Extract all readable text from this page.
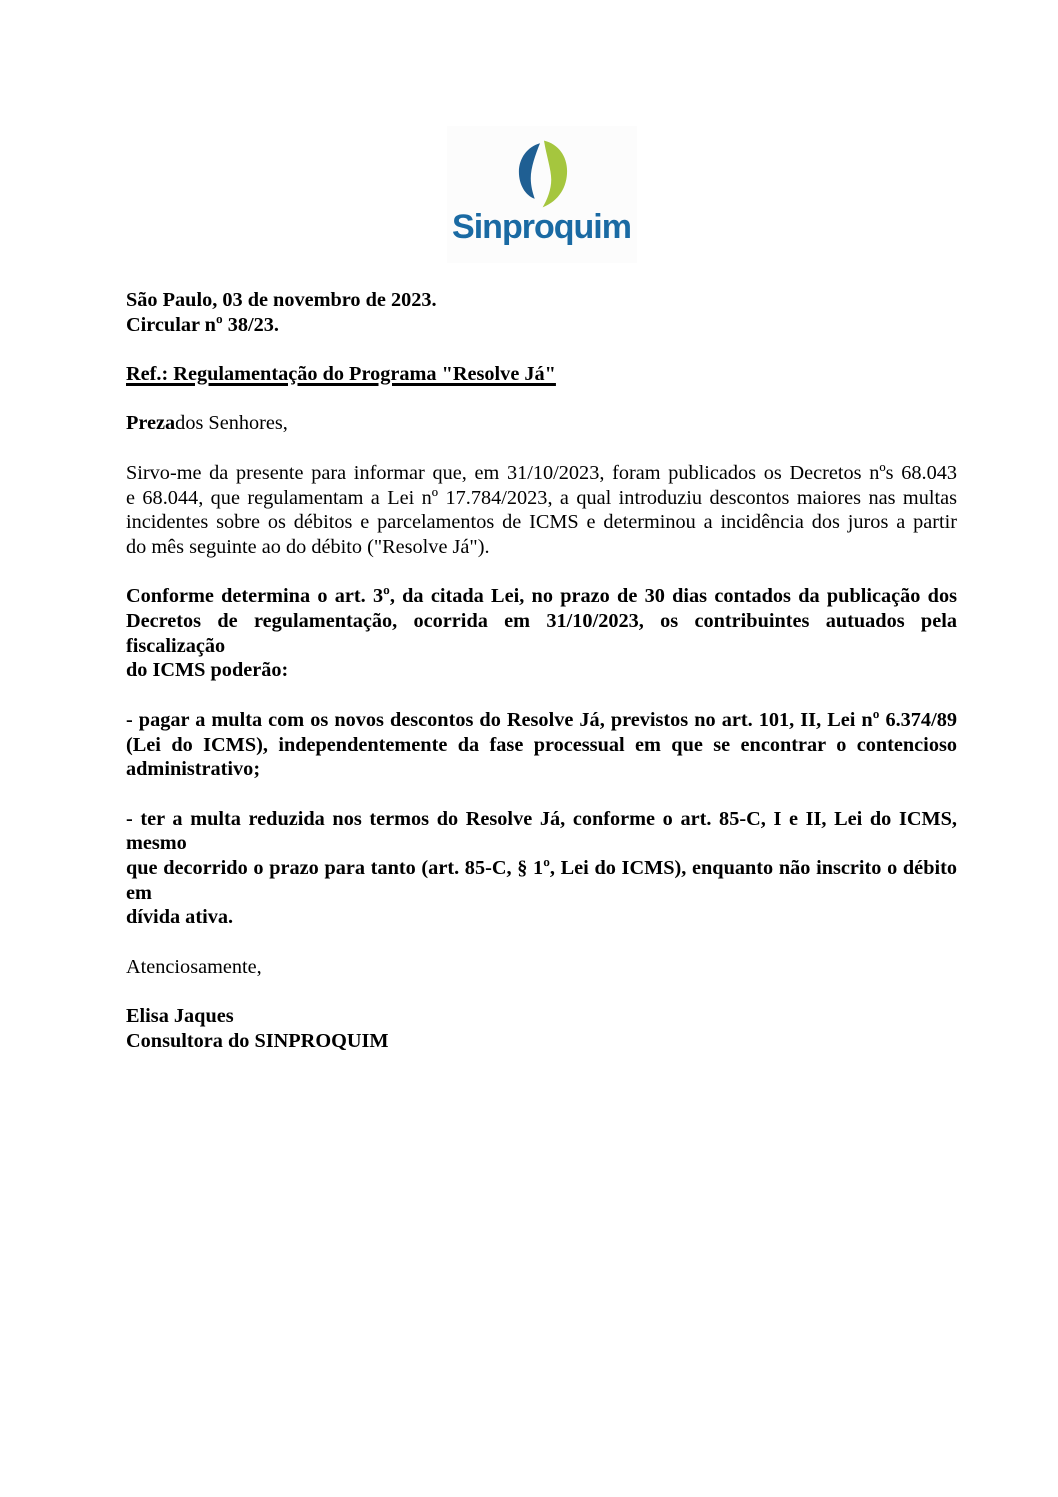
Sinproquim
São Paulo, 03 de novembro de 2023.
Circular nº 38/23.
Ref.: Regulamentação do Programa "Resolve Já"
Prezados Senhores,
Sirvo-me da presente para informar que, em 31/10/2023, foram publicados os Decretos nºs 68.043
e 68.044, que regulamentam a Lei nº 17.784/2023, a qual introduziu descontos maiores nas multas
incidentes sobre os débitos e parcelamentos de ICMS e determinou a incidência dos juros a partir
do mês seguinte ao do débito ("Resolve Já").
Conforme determina o art. 3º, da citada Lei, no prazo de 30 dias contados da publicação dos
Decretos de regulamentação, ocorrida em 31/10/2023, os contribuintes autuados pela fiscalização
do ICMS poderão:
- pagar a multa com os novos descontos do Resolve Já, previstos no art. 101, II, Lei nº 6.374/89
(Lei do ICMS), independentemente da fase processual em que se encontrar o contencioso
administrativo;
- ter a multa reduzida nos termos do Resolve Já, conforme o art. 85-C, I e II, Lei do ICMS, mesmo
que decorrido o prazo para tanto (art. 85-C, § 1º, Lei do ICMS), enquanto não inscrito o débito em
dívida ativa.
Atenciosamente,
Elisa Jaques
Consultora do SINPROQUIM
